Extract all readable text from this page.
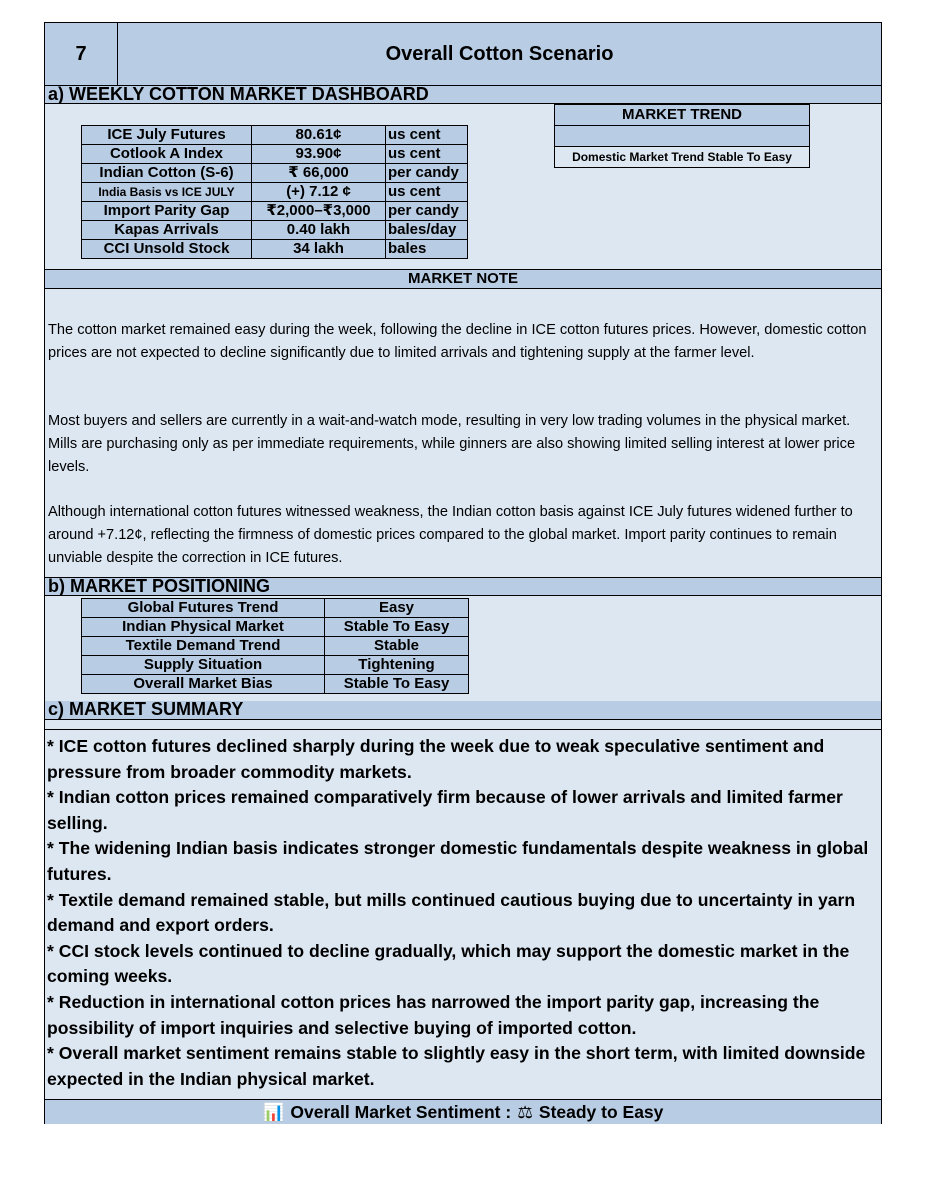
7	Overall Cotton Scenario
a) WEEKLY COTTON MARKET DASHBOARD
ICE July Futures	80.61¢	us cent
Cotlook A Index	93.90¢	us cent
Indian Cotton (S-6)	₹ 66,000	per candy
India Basis vs ICE JULY	(+) 7.12 ¢	us cent
Import Parity Gap	₹2,000–₹3,000	per candy
Kapas Arrivals	0.40 lakh	bales/day
CCI Unsold Stock	34 lakh	bales
MARKET TREND

Domestic Market Trend Stable To Easy
MARKET NOTE

The cotton market remained easy during the week, following the decline in ICE cotton futures prices. However, domestic cotton prices are not expected to decline significantly due to limited arrivals and tightening supply at the farmer level.

Most buyers and sellers are currently in a wait-and-watch mode, resulting in very low trading volumes in the physical market. Mills are purchasing only as per immediate requirements, while ginners are also showing limited selling interest at lower price levels.

Although international cotton futures witnessed weakness, the Indian cotton basis against ICE July futures widened further to around +7.12¢, reflecting the firmness of domestic prices compared to the global market. Import parity continues to remain unviable despite the correction in ICE futures.

b) MARKET POSITIONING
Global Futures Trend	Easy
Indian Physical Market	Stable To Easy
Textile Demand Trend	Stable
Supply Situation	Tightening
Overall Market Bias	Stable To Easy
c) MARKET SUMMARY

* ICE cotton futures declined sharply during the week due to weak speculative sentiment and pressure from broader commodity markets.

* Indian cotton prices remained comparatively firm because of lower arrivals and limited farmer selling.

* The widening Indian basis indicates stronger domestic fundamentals despite weakness in global futures.

* Textile demand remained stable, but mills continued cautious buying due to uncertainty in yarn demand and export orders.

* CCI stock levels continued to decline gradually, which may support the domestic market in the coming weeks.

* Reduction in international cotton prices has narrowed the import parity gap, increasing the possibility of import inquiries and selective buying of imported cotton.

* Overall market sentiment remains stable to slightly easy in the short term, with limited downside expected in the Indian physical market.

📊 Overall Market Sentiment : ⚖ Steady to Easy
